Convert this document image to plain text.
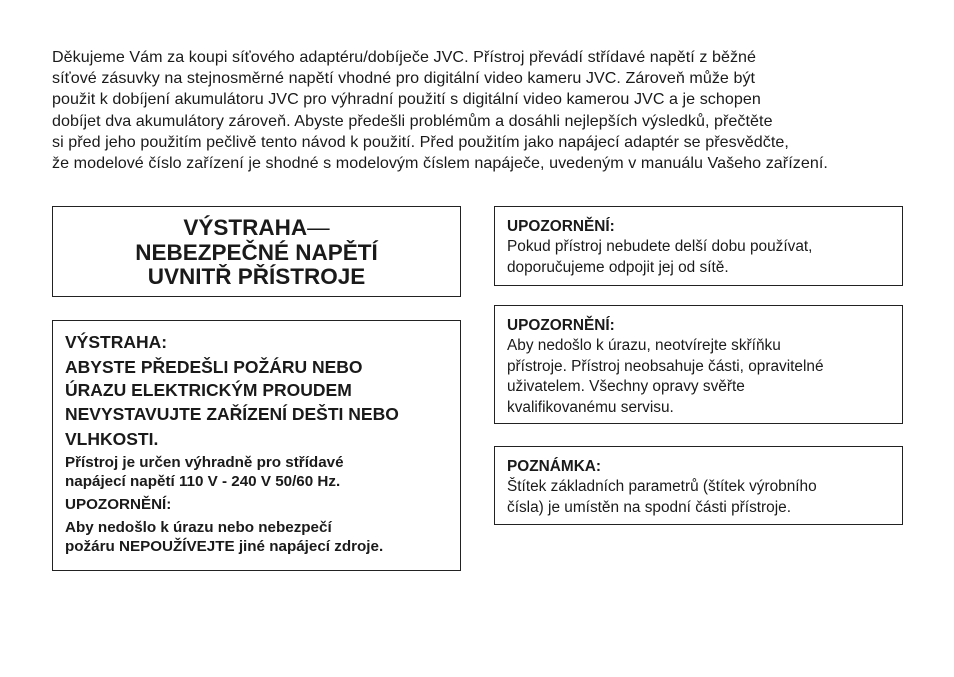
Děkujeme Vám za koupi síťového adaptéru/dobíječe JVC. Přístroj převádí střídavé napětí z běžné
síťové zásuvky na stejnosměrné napětí vhodné pro digitální video kameru JVC. Zároveň může být
použit k dobíjení akumulátoru JVC pro výhradní použití s digitální video kamerou JVC a je schopen
dobíjet dva akumulátory zároveň. Abyste předešli problémům a dosáhli nejlepších výsledků, přečtěte
si před jeho použitím pečlivě tento návod k použití. Před použitím jako napájecí adaptér se přesvědčte,
že modelové číslo zařízení je shodné s modelovým číslem napáječe, uvedeným v manuálu Vašeho zařízení.
VÝSTRAHA—
NEBEZPEČNÉ NAPĚTÍ
UVNITŘ PŘÍSTROJE
VÝSTRAHA:
ABYSTE PŘEDEŠLI POŽÁRU NEBO
ÚRAZU ELEKTRICKÝM PROUDEM
NEVYSTAVUJTE ZAŘÍZENÍ DEŠTI NEBO
VLHKOSTI.
Přístroj je určen výhradně pro střídavé
napájecí napětí 110 V - 240 V 50/60 Hz.
UPOZORNĚNÍ:
Aby nedošlo k úrazu nebo nebezpečí
požáru NEPOUŽÍVEJTE jiné napájecí zdroje.
UPOZORNĚNÍ:
Pokud přístroj nebudete delší dobu používat,
doporučujeme odpojit jej od sítě.
UPOZORNĚNÍ:
Aby nedošlo k úrazu, neotvírejte skříňku
přístroje. Přístroj neobsahuje části, opravitelné
uživatelem. Všechny opravy svěřte
kvalifikovanému servisu.
POZNÁMKA:
Štítek základních parametrů (štítek výrobního
čísla) je umístěn na spodní části přístroje.
